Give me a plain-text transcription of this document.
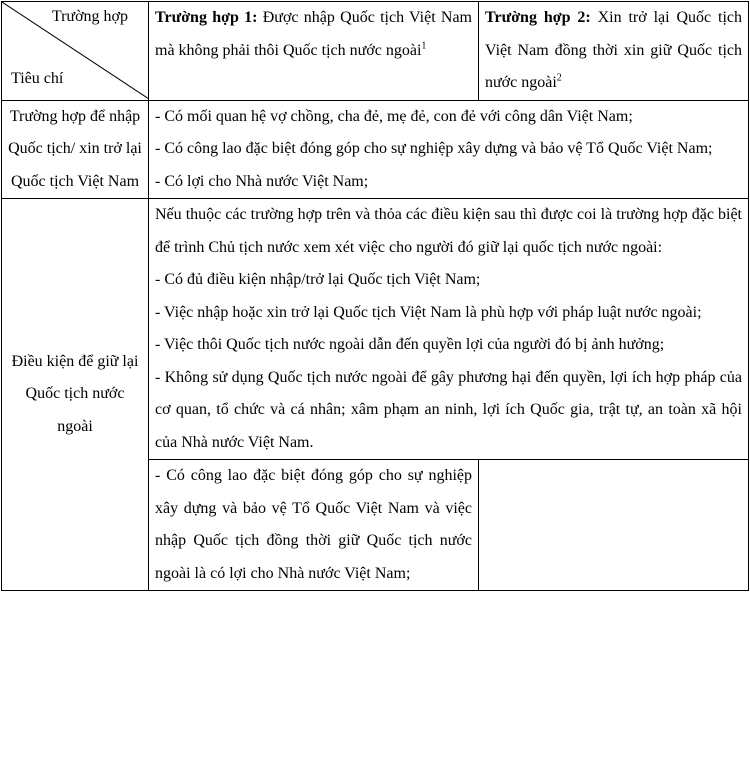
Trường hợp
Tiêu chí	Trường hợp 1: Được nhập Quốc tịch Việt Nam mà không phải thôi Quốc tịch nước ngoài$^1$	Trường hợp 2: Xin trở lại Quốc tịch Việt Nam đồng thời xin giữ Quốc tịch nước ngoài$^2$
Trường hợp để nhập Quốc tịch/ xin trở lại Quốc tịch Việt Nam	- Có mối quan hệ vợ chồng, cha đẻ, mẹ đẻ, con đẻ với công dân Việt Nam;

- Có công lao đặc biệt đóng góp cho sự nghiệp xây dựng và bảo vệ Tổ Quốc Việt Nam;

- Có lợi cho Nhà nước Việt Nam;	

Điều kiện để giữ lại Quốc tịch nước ngoài	Nếu thuộc các trường hợp trên và thỏa các điều kiện sau thì được coi là trường hợp đặc biệt để trình Chủ tịch nước xem xét việc cho người đó giữ lại quốc tịch nước ngoài:

- Có đủ điều kiện nhập/trở lại Quốc tịch Việt Nam;

- Việc nhập hoặc xin trở lại Quốc tịch Việt Nam là phù hợp với pháp luật nước ngoài;

- Việc thôi Quốc tịch nước ngoài dẫn đến quyền lợi của người đó bị ảnh hưởng;

- Không sử dụng Quốc tịch nước ngoài để gây phương hại đến quyền, lợi ích hợp pháp của cơ quan, tổ chức và cá nhân; xâm phạm an ninh, lợi ích Quốc gia, trật tự, an toàn xã hội của Nhà nước Việt Nam.	

	- Có công lao đặc biệt đóng góp cho sự nghiệp xây dựng và bảo vệ Tổ Quốc Việt Nam và việc nhập Quốc tịch đồng thời giữ Quốc tịch nước ngoài là có lợi cho Nhà nước Việt Nam;	
